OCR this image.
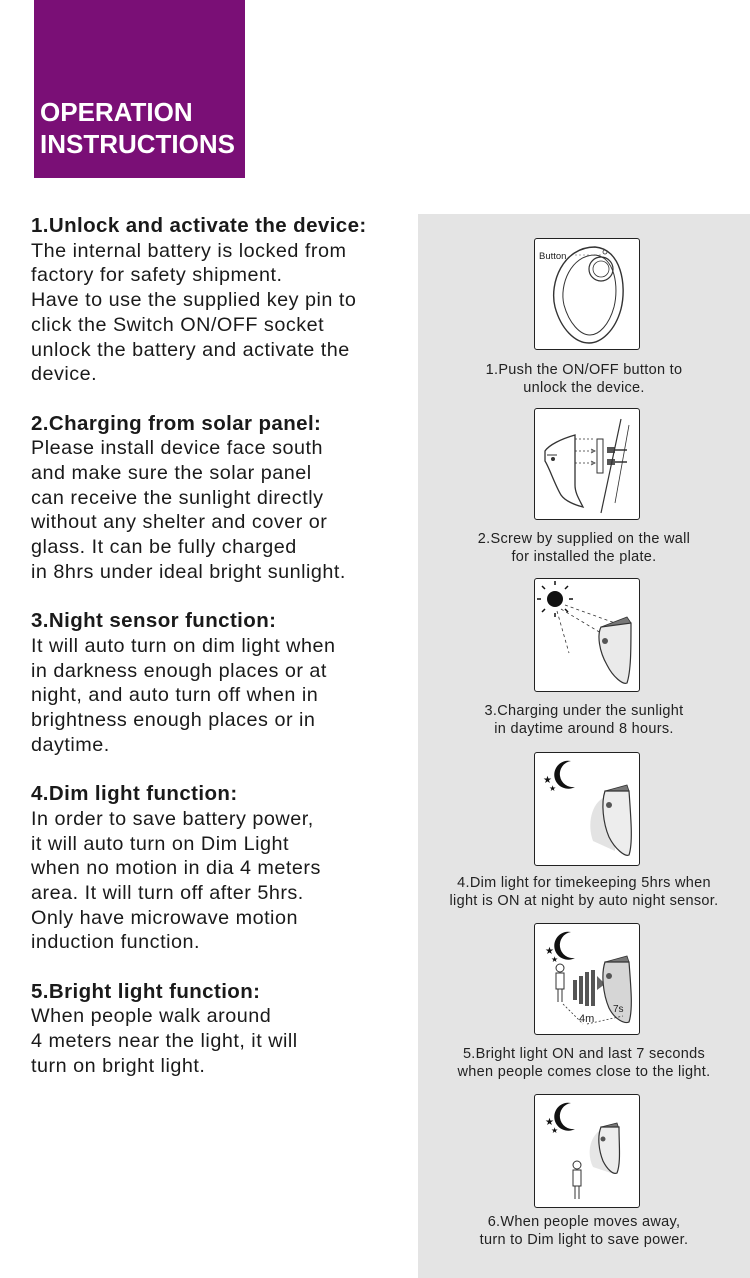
OPERATION
INSTRUCTIONS
1.Unlock and activate the device:
The internal battery is locked from
factory for safety shipment.
Have to use the supplied key pin to
click the Switch ON/OFF socket
unlock the battery and activate the
device.
2.Charging from solar panel:
Please install device face south
and make sure the solar panel
can receive the sunlight directly
without any shelter and cover or
glass. It can be fully charged
in 8hrs under ideal bright sunlight.
3.Night sensor function:
It will auto turn on dim light when
in darkness enough places or at
night, and auto turn off when in
brightness enough places or in
daytime.
4.Dim light function:
In order to save battery power,
it will auto turn on Dim Light
when no motion in dia 4 meters
area. It will turn off after 5hrs.
Only have microwave motion
induction function.
5.Bright light function:
When people walk around
4 meters near the light, it will
turn on bright light.
Button
1.Push the ON/OFF button to
unlock the device.
2.Screw by supplied on the wall
for installed the plate.
3.Charging under the sunlight
in daytime around 8 hours.
★
★
4.Dim light for timekeeping 5hrs when
light is ON at night by auto night sensor.
★
★
4m
7s
5.Bright light ON and last 7 seconds
when people comes close to the light.
★
★
6.When people moves away,
turn to Dim light to save power.
